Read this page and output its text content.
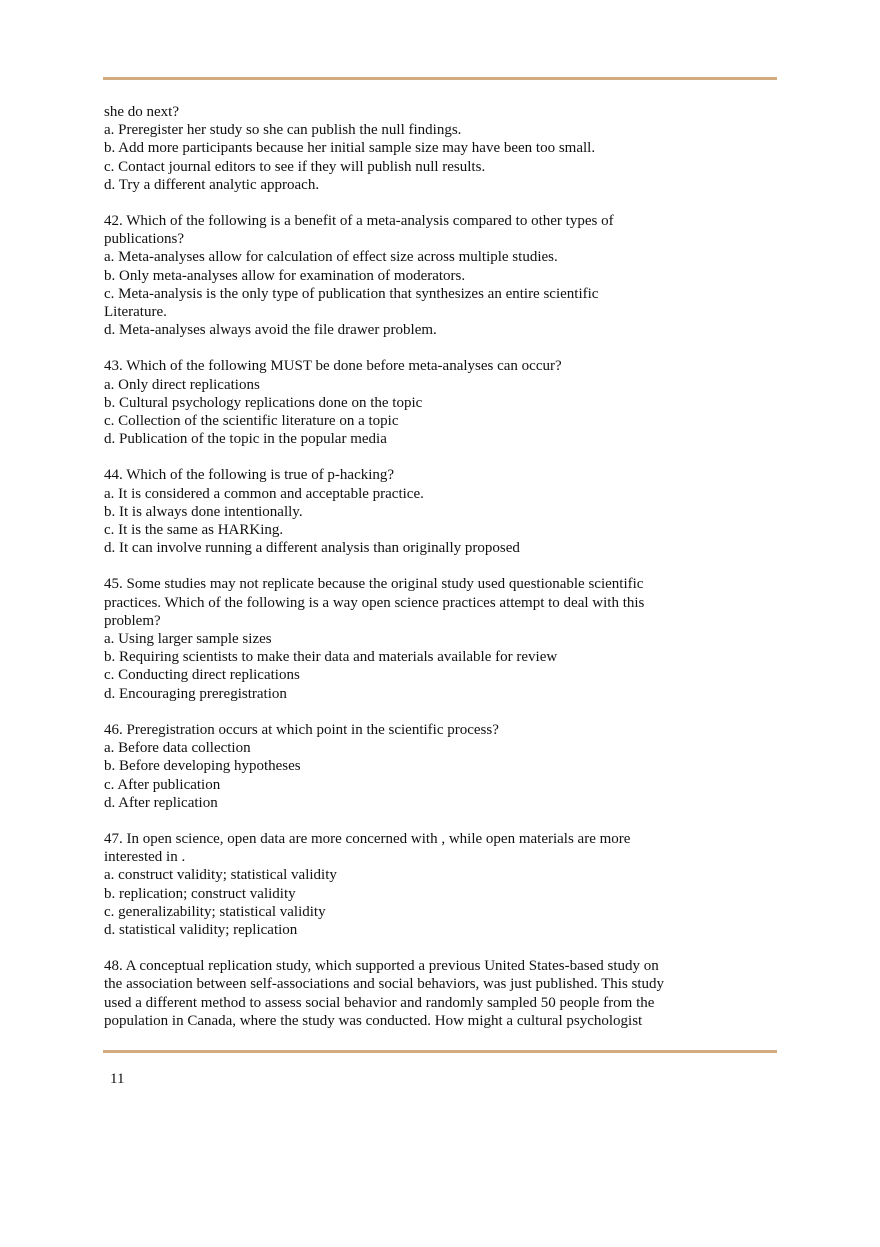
she do next?
a. Preregister her study so she can publish the null findings.
b. Add more participants because her initial sample size may have been too small.
c. Contact journal editors to see if they will publish null results.
d. Try a different analytic approach.
42. Which of the following is a benefit of a meta-analysis compared to other types of
publications?
a. Meta-analyses allow for calculation of effect size across multiple studies.
b. Only meta-analyses allow for examination of moderators.
c. Meta-analysis is the only type of publication that synthesizes an entire scientific
Literature.
d. Meta-analyses always avoid the file drawer problem.
43. Which of the following MUST be done before meta-analyses can occur?
a. Only direct replications
b. Cultural psychology replications done on the topic
c. Collection of the scientific literature on a topic
d. Publication of the topic in the popular media
44. Which of the following is true of p-hacking?
a. It is considered a common and acceptable practice.
b. It is always done intentionally.
c. It is the same as HARKing.
d. It can involve running a different analysis than originally proposed
45. Some studies may not replicate because the original study used questionable scientific
practices. Which of the following is a way open science practices attempt to deal with this
problem?
a. Using larger sample sizes
b. Requiring scientists to make their data and materials available for review
c. Conducting direct replications
d. Encouraging preregistration
46. Preregistration occurs at which point in the scientific process?
a. Before data collection
b. Before developing hypotheses
c. After publication
d. After replication
47. In open science, open data are more concerned with , while open materials are more
interested in .
a. construct validity; statistical validity
b. replication; construct validity
c. generalizability; statistical validity
d. statistical validity; replication
48. A conceptual replication study, which supported a previous United States-based study on
the association between self-associations and social behaviors, was just published. This study
used a different method to assess social behavior and randomly sampled 50 people from the
population in Canada, where the study was conducted. How might a cultural psychologist
11
